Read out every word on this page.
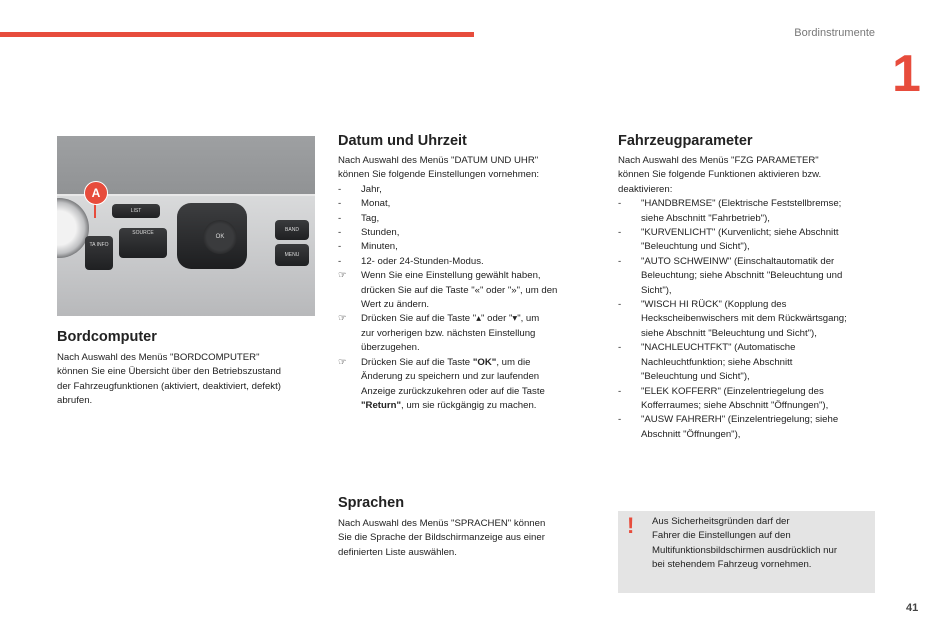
Bordinstrumente
1
LIST
SOURCE
TA INFO
OK
BAND
MENU
A
Bordcomputer

Nach Auswahl des Menüs "BORDCOMPUTER"

können Sie eine Übersicht über den Betriebszustand

der Fahrzeugfunktionen (aktiviert, deaktiviert, defekt)

abrufen.

Datum und Uhrzeit

Nach Auswahl des Menüs "DATUM UND UHR"

können Sie folgende Einstellungen vornehmen:

- Jahr,
- Monat,
- Tag,
- Stunden,
- Minuten,
- 12- oder 24-Stunden-Modus.
☞ Wenn Sie eine Einstellung gewählt haben,
drücken Sie auf die Taste "«" oder "»", um den
Wert zu ändern.
☞ Drücken Sie auf die Taste "▴" oder "▾", um
zur vorherigen bzw. nächsten Einstellung
überzugehen.
☞ Drücken Sie auf die Taste "OK", um die
Änderung zu speichern und zur laufenden
Anzeige zurückzukehren oder auf die Taste
"Return", um sie rückgängig zu machen.
Sprachen

Nach Auswahl des Menüs "SPRACHEN" können

Sie die Sprache der Bildschirmanzeige aus einer

definierten Liste auswählen.

Fahrzeugparameter

Nach Auswahl des Menüs "FZG PARAMETER"

können Sie folgende Funktionen aktivieren bzw.

deaktivieren:

- "HANDBREMSE" (Elektrische Feststellbremse;
siehe Abschnitt "Fahrbetrieb"),
- "KURVENLICHT" (Kurvenlicht; siehe Abschnitt
"Beleuchtung und Sicht"),
- "AUTO SCHWEINW" (Einschaltautomatik der
Beleuchtung; siehe Abschnitt "Beleuchtung und
Sicht"),
- "WISCH HI RÜCK" (Kopplung des
Heckscheibenwischers mit dem Rückwärtsgang;
siehe Abschnitt "Beleuchtung und Sicht"),
- "NACHLEUCHTFKT" (Automatische
Nachleuchtfunktion; siehe Abschnitt
"Beleuchtung und Sicht"),
- "ELEK KOFFERR" (Einzelentriegelung des
Kofferraumes; siehe Abschnitt "Öffnungen"),
- "AUSW FAHRERH" (Einzelentriegelung; siehe
Abschnitt "Öffnungen"),
! Aus Sicherheitsgründen darf der
Fahrer die Einstellungen auf den
Multifunktionsbildschirmen ausdrücklich nur
bei stehendem Fahrzeug vornehmen.
41
